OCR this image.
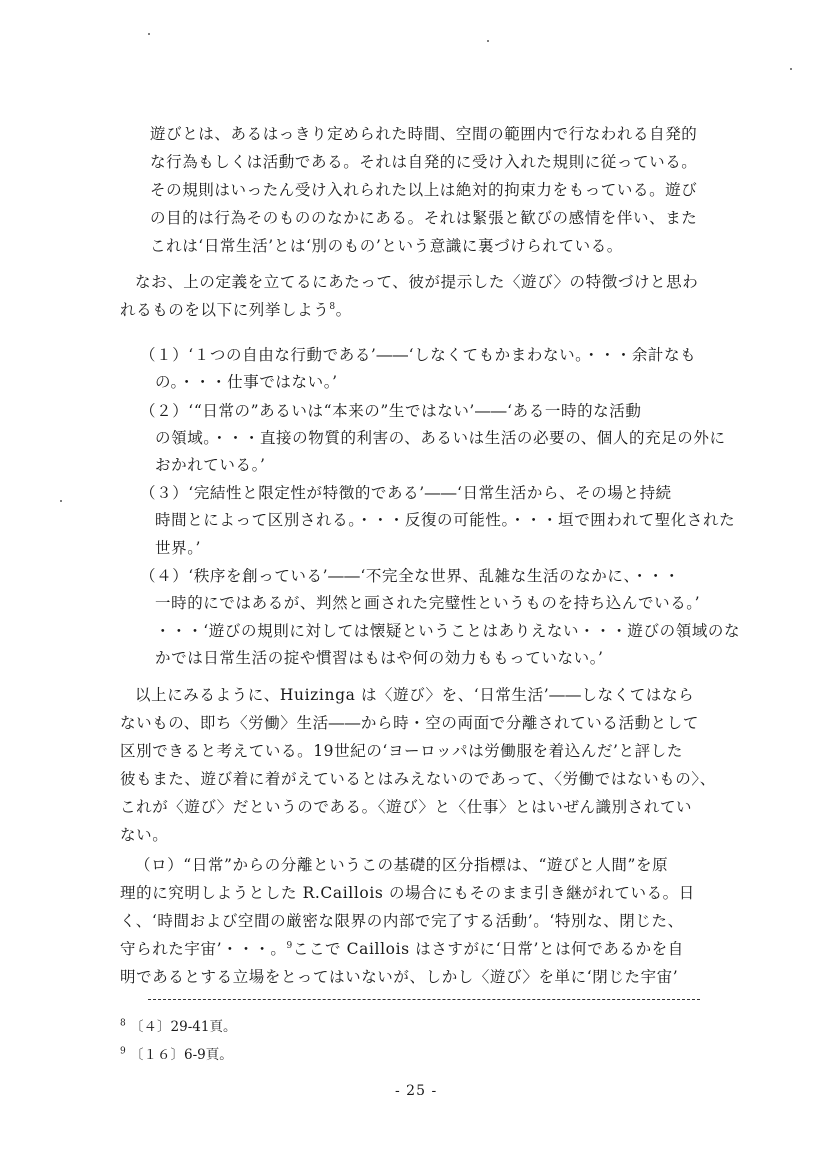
遊びとは、あるはっきり定められた時間、空間の範囲内で行なわれる自発的
な行為もしくは活動である。それは自発的に受け入れた規則に従っている。
その規則はいったん受け入れられた以上は絶対的拘束力をもっている。遊び
の目的は行為そのもののなかにある。それは緊張と歓びの感情を伴い、また
これは‘日常生活’とは‘別のもの’という意識に裏づけられている。
なお、上の定義を立てるにあたって、彼が提示した〈遊び〉の特徴づけと思わ
れるものを以下に列挙しよう$^8$。
（１）‘１つの自由な行動である’――‘しなくてもかまわない。・・・余計なも
の。・・・仕事ではない。’
（２）‘“日常の”あるいは“本来の”生ではない’――‘ある一時的な活動
の領域。・・・直接の物質的利害の、あるいは生活の必要の、個人的充足の外に
おかれている。’
（３）‘完結性と限定性が特徴的である’――‘日常生活から、その場と持続
時間とによって区別される。・・・反復の可能性。・・・垣で囲われて聖化された
世界。’
（４）‘秩序を創っている’――‘不完全な世界、乱雑な生活のなかに、・・・
一時的にではあるが、判然と画された完璧性というものを持ち込んでいる。’
・・・‘遊びの規則に対しては懐疑ということはありえない・・・遊びの領域のな
かでは日常生活の掟や慣習はもはや何の効力ももっていない。’
以上にみるように、Huizinga は〈遊び〉を、‘日常生活’――しなくてはなら
ないもの、即ち〈労働〉生活――から時・空の両面で分離されている活動として
区別できると考えている。19世紀の‘ヨーロッパは労働服を着込んだ’と評した
彼もまた、遊び着に着がえているとはみえないのであって、〈労働ではないもの〉、
これが〈遊び〉だというのである。〈遊び〉と〈仕事〉とはいぜん識別されてい
ない。
（ロ）“日常”からの分離というこの基礎的区分指標は、“遊びと人間”を原
理的に究明しようとした R.Caillois の場合にもそのまま引き継がれている。日
く、‘時間および空間の厳密な限界の内部で完了する活動’。‘特別な、閉じた、
守られた宇宙’・・・。$^9$ここで Caillois はさすがに‘日常’とは何であるかを自
明であるとする立場をとってはいないが、しかし〈遊び〉を単に‘閉じた宇宙’
$^8$ 〔４〕29-41頁。
$^9$ 〔１６〕6-9頁。
- 25 -
